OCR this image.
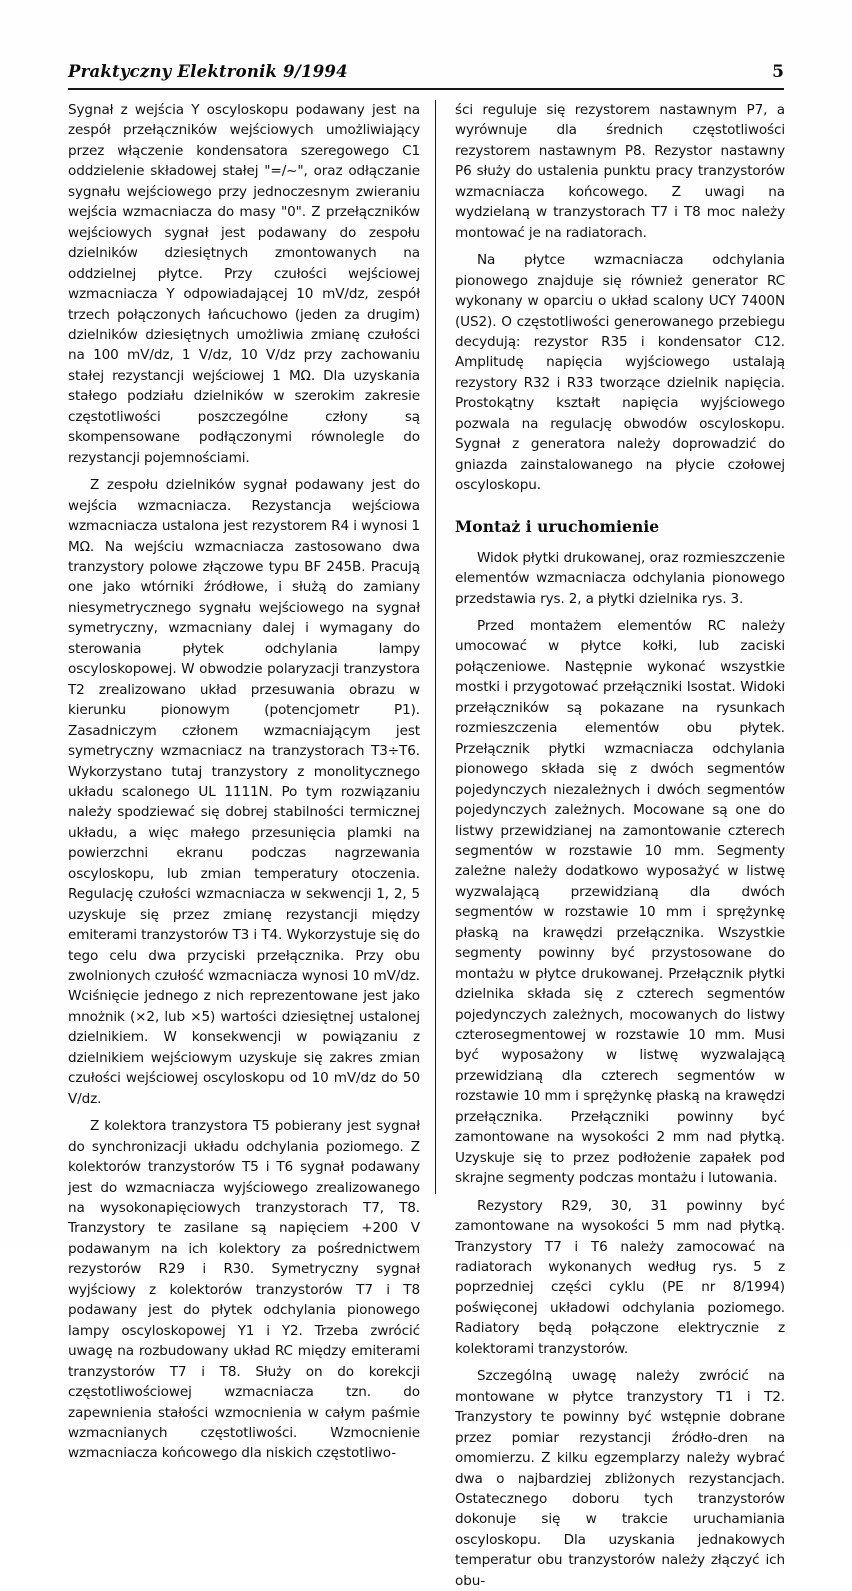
Praktyczny Elektronik 9/1994	5

Sygnał z wejścia Y oscyloskopu podawany jest na zespół przełączników wejściowych umożliwiający przez włączenie kondensatora szeregowego C1 oddzielenie składowej stałej "=/~", oraz odłączanie sygnału wejściowego przy jednoczesnym zwieraniu wejścia wzmacniacza do masy "0". Z przełączników wejściowych sygnał jest podawany do zespołu dzielników dziesiętnych zmontowanych na oddzielnej płytce. Przy czułości wejściowej wzmacniacza Y odpowiadającej 10 mV/dz, zespół trzech połączonych łańcuchowo (jeden za drugim) dzielników dziesiętnych umożliwia zmianę czułości na 100 mV/dz, 1 V/dz, 10 V/dz przy zachowaniu stałej rezystancji wejściowej 1 MΩ. Dla uzyskania stałego podziału dzielników w szerokim zakresie częstotliwości poszczególne człony są skompensowane podłączonymi równolegle do rezystancji pojemnościami.

Z zespołu dzielników sygnał podawany jest do wejścia wzmacniacza. Rezystancja wejściowa wzmacniacza ustalona jest rezystorem R4 i wynosi 1 MΩ. Na wejściu wzmacniacza zastosowano dwa tranzystory polowe złączowe typu BF 245B. Pracują one jako wtórniki źródłowe, i służą do zamiany niesymetrycznego sygnału wejściowego na sygnał symetryczny, wzmacniany dalej i wymagany do sterowania płytek odchylania lampy oscyloskopowej. W obwodzie polaryzacji tranzystora T2 zrealizowano układ przesuwania obrazu w kierunku pionowym (potencjometr P1). Zasadniczym członem wzmacniającym jest symetryczny wzmacniacz na tranzystorach T3÷T6. Wykorzystano tutaj tranzystory z monolitycznego układu scalonego UL 1111N. Po tym rozwiązaniu należy spodziewać się dobrej stabilności termicznej układu, a więc małego przesunięcia plamki na powierzchni ekranu podczas nagrzewania oscyloskopu, lub zmian temperatury otoczenia. Regulację czułości wzmacniacza w sekwencji 1, 2, 5 uzyskuje się przez zmianę rezystancji między emiterami tranzystorów T3 i T4. Wykorzystuje się do tego celu dwa przyciski przełącznika. Przy obu zwolnionych czułość wzmacniacza wynosi 10 mV/dz. Wciśnięcie jednego z nich reprezentowane jest jako mnożnik (×2, lub ×5) wartości dziesiętnej ustalonej dzielnikiem. W konsekwencji w powiązaniu z dzielnikiem wejściowym uzyskuje się zakres zmian czułości wejściowej oscyloskopu od 10 mV/dz do 50 V/dz.

Z kolektora tranzystora T5 pobierany jest sygnał do synchronizacji układu odchylania poziomego. Z kolektorów tranzystorów T5 i T6 sygnał podawany jest do wzmacniacza wyjściowego zrealizowanego na wysokonapięciowych tranzystorach T7, T8. Tranzystory te zasilane są napięciem +200 V podawanym na ich kolektory za pośrednictwem rezystorów R29 i R30. Symetryczny sygnał wyjściowy z kolektorów tranzystorów T7 i T8 podawany jest do płytek odchylania pionowego lampy oscyloskopowej Y1 i Y2. Trzeba zwrócić uwagę na rozbudowany układ RC między emiterami tranzystorów T7 i T8. Służy on do korekcji częstotliwościowej wzmacniacza tzn. do zapewnienia stałości wzmocnienia w całym paśmie wzmacnianych częstotliwości. Wzmocnienie wzmacniacza końcowego dla niskich częstotliwo-

ści reguluje się rezystorem nastawnym P7, a wyrównuje dla średnich częstotliwości rezystorem nastawnym P8. Rezystor nastawny P6 służy do ustalenia punktu pracy tranzystorów wzmacniacza końcowego. Z uwagi na wydzielaną w tranzystorach T7 i T8 moc należy montować je na radiatorach.

Na płytce wzmacniacza odchylania pionowego znajduje się również generator RC wykonany w oparciu o układ scalony UCY 7400N (US2). O częstotliwości generowanego przebiegu decydują: rezystor R35 i kondensator C12. Amplitudę napięcia wyjściowego ustalają rezystory R32 i R33 tworzące dzielnik napięcia. Prostokątny kształt napięcia wyjściowego pozwala na regulację obwodów oscyloskopu. Sygnał z generatora należy doprowadzić do gniazda zainstalowanego na płycie czołowej oscyloskopu.

Montaż i uruchomienie

Widok płytki drukowanej, oraz rozmieszczenie elementów wzmacniacza odchylania pionowego przedstawia rys. 2, a płytki dzielnika rys. 3.

Przed montażem elementów RC należy umocować w płytce kołki, lub zaciski połączeniowe. Następnie wykonać wszystkie mostki i przygotować przełączniki Isostat. Widoki przełączników są pokazane na rysunkach rozmieszczenia elementów obu płytek. Przełącznik płytki wzmacniacza odchylania pionowego składa się z dwóch segmentów pojedynczych niezależnych i dwóch segmentów pojedynczych zależnych. Mocowane są one do listwy przewidzianej na zamontowanie czterech segmentów w rozstawie 10 mm. Segmenty zależne należy dodatkowo wyposażyć w listwę wyzwalającą przewidzianą dla dwóch segmentów w rozstawie 10 mm i sprężynkę płaską na krawędzi przełącznika. Wszystkie segmenty powinny być przystosowane do montażu w płytce drukowanej. Przełącznik płytki dzielnika składa się z czterech segmentów pojedynczych zależnych, mocowanych do listwy czterosegmentowej w rozstawie 10 mm. Musi być wyposażony w listwę wyzwalającą przewidzianą dla czterech segmentów w rozstawie 10 mm i sprężynkę płaską na krawędzi przełącznika. Przełączniki powinny być zamontowane na wysokości 2 mm nad płytką. Uzyskuje się to przez podłożenie zapałek pod skrajne segmenty podczas montażu i lutowania.

Rezystory R29, 30, 31 powinny być zamontowane na wysokości 5 mm nad płytką. Tranzystory T7 i T6 należy zamocować na radiatorach wykonanych według rys. 5 z poprzedniej części cyklu (PE nr 8/1994) poświęconej układowi odchylania poziomego. Radiatory będą połączone elektrycznie z kolektorami tranzystorów.

Szczególną uwagę należy zwrócić na montowane w płytce tranzystory T1 i T2. Tranzystory te powinny być wstępnie dobrane przez pomiar rezystancji źródło-dren na omomierzu. Z kilku egzemplarzy należy wybrać dwa o najbardziej zbliżonych rezystancjach. Ostatecznego doboru tych tranzystorów dokonuje się w trakcie uruchamiania oscyloskopu. Dla uzyskania jednakowych temperatur obu tranzystorów należy złączyć ich obu-
